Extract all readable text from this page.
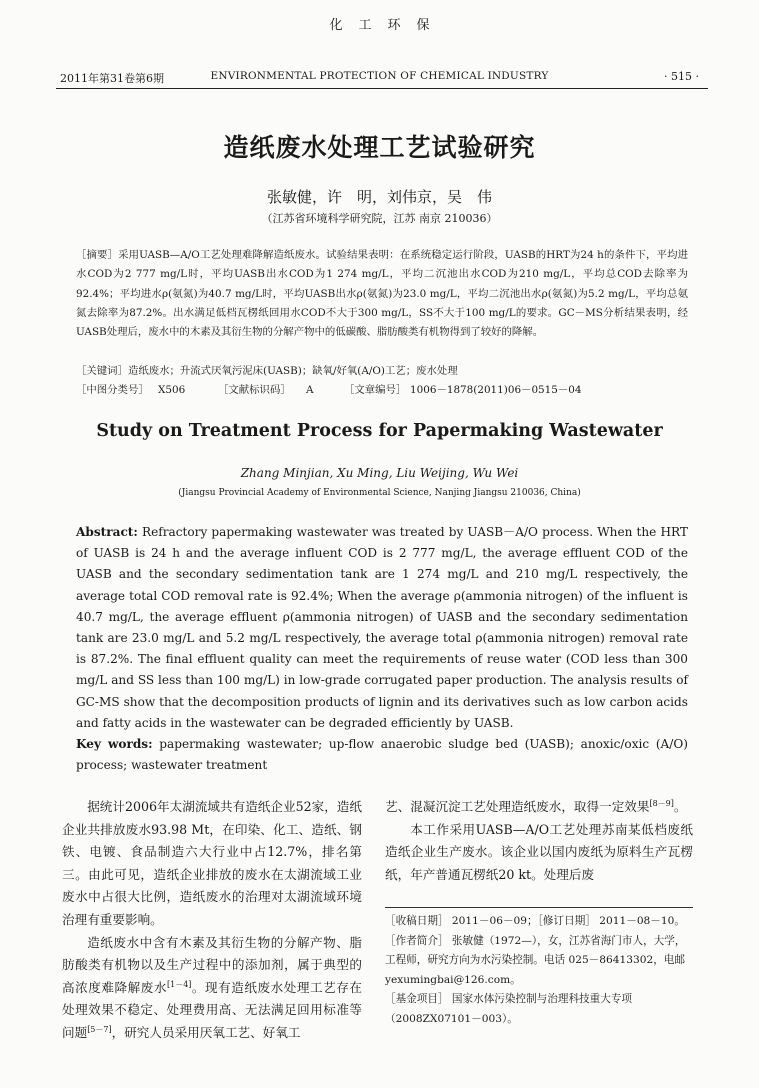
化工环保
2011年第31卷第6期	ENVIRONMENTAL PROTECTION OF CHEMICAL INDUSTRY	· 515 ·
造纸废水处理工艺试验研究
张敏健，许　明，刘伟京，吴　伟
（江苏省环境科学研究院，江苏 南京 210036）
［摘要］采用UASB—A/O工艺处理难降解造纸废水。试验结果表明：在系统稳定运行阶段，UASB的HRT为24 h的条件下，平均进水COD为2 777 mg/L时，平均UASB出水COD为1 274 mg/L，平均二沉池出水COD为210 mg/L，平均总COD去除率为92.4%；平均进水ρ(氨氮)为40.7 mg/L时，平均UASB出水ρ(氨氮)为23.0 mg/L，平均二沉池出水ρ(氨氮)为5.2 mg/L，平均总氨氮去除率为87.2%。出水满足低档瓦楞纸回用水COD不大于300 mg/L，SS不大于100 mg/L的要求。GC－MS分析结果表明，经UASB处理后，废水中的木素及其衍生物的分解产物中的低碳酸、脂肪酸类有机物得到了较好的降解。
［关键词］造纸废水；升流式厌氧污泥床(UASB)；缺氧/好氧(A/O)工艺；废水处理
［中图分类号］ X506	［文献标识码］ A	［文章编号］ 1006－1878(2011)06－0515－04
Study on Treatment Process for Papermaking Wastewater
Zhang Minjian, Xu Ming, Liu Weijing, Wu Wei
(Jiangsu Provincial Academy of Environmental Science, Nanjing Jiangsu 210036, China)
Abstract: Refractory papermaking wastewater was treated by UASB－A/O process. When the HRT of UASB is 24 h and the average influent COD is 2 777 mg/L, the average effluent COD of the UASB and the secondary sedimentation tank are 1 274 mg/L and 210 mg/L respectively, the average total COD removal rate is 92.4%; When the average ρ(ammonia nitrogen) of the influent is 40.7 mg/L, the average effluent ρ(ammonia nitrogen) of UASB and the secondary sedimentation tank are 23.0 mg/L and 5.2 mg/L respectively, the average total ρ(ammonia nitrogen) removal rate is 87.2%. The final effluent quality can meet the requirements of reuse water (COD less than 300 mg/L and SS less than 100 mg/L) in low-grade corrugated paper production. The analysis results of GC-MS show that the decomposition products of lignin and its derivatives such as low carbon acids and fatty acids in the wastewater can be degraded efficiently by UASB.
Key words: papermaking wastewater; up-flow anaerobic sludge bed (UASB); anoxic/oxic (A/O) process; wastewater treatment

据统计2006年太湖流域共有造纸企业52家，造纸企业共排放废水93.98 Mt，在印染、化工、造纸、钢铁、电镀、食品制造六大行业中占12.7%，排名第三。由此可见，造纸企业排放的废水在太湖流域工业废水中占很大比例，造纸废水的治理对太湖流域环境治理有重要影响。

造纸废水中含有木素及其衍生物的分解产物、脂肪酸类有机物以及生产过程中的添加剂，属于典型的高浓度难降解废水[1－4]。现有造纸废水处理工艺存在处理效果不稳定、处理费用高、无法满足回用标准等问题[5－7]，研究人员采用厌氧工艺、好氧工

艺、混凝沉淀工艺处理造纸废水，取得一定效果[8－9]。

本工作采用UASB—A/O工艺处理苏南某低档废纸造纸企业生产废水。该企业以国内废纸为原料生产瓦楞纸，年产普通瓦楞纸20 kt。处理后废

［收稿日期］ 2011－06－09；［修订日期］ 2011－08－10。

［作者简介］ 张敏健（1972—），女，江苏省海门市人，大学，工程师，研究方向为水污染控制。电话 025－86413302，电邮 yexumingbai@126.com。

［基金项目］ 国家水体污染控制与治理科技重大专项（2008ZX07101－003）。
